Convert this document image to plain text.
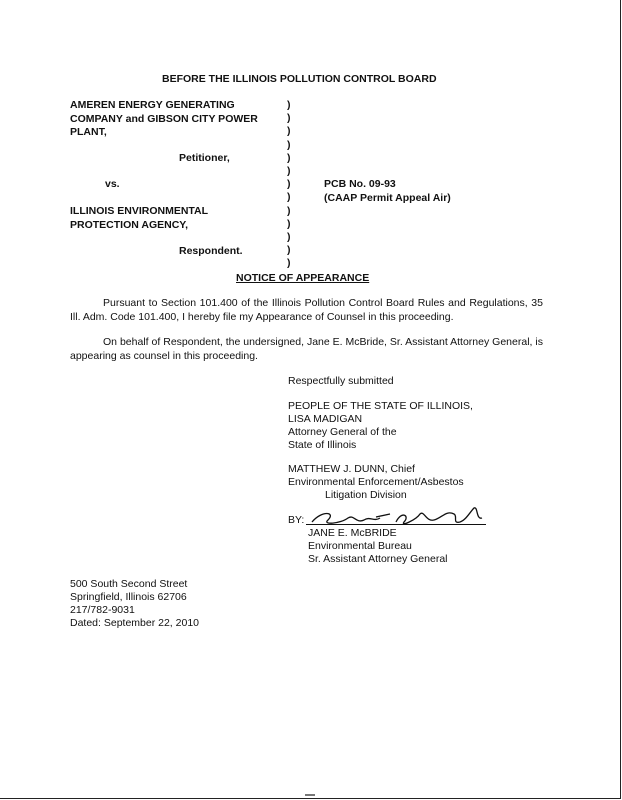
BEFORE THE ILLINOIS POLLUTION CONTROL BOARD
AMEREN ENERGY GENERATING
COMPANY and GIBSON CITY POWER
PLANT,
Petitioner,
vs.
ILLINOIS ENVIRONMENTAL
PROTECTION AGENCY,
Respondent.
)
)
)
)
)
)
)
)
)
)
)
)
)
PCB No. 09-93
(CAAP Permit Appeal Air)
NOTICE OF APPEARANCE
Pursuant to Section 101.400 of the Illinois Pollution Control Board Rules and Regulations, 35 Ill. Adm. Code 101.400, I hereby file my Appearance of Counsel in this proceeding.
On behalf of Respondent, the undersigned, Jane E. McBride, Sr. Assistant Attorney General, is appearing as counsel in this proceeding.
Respectfully submitted
PEOPLE OF THE STATE OF ILLINOIS,
LISA MADIGAN
Attorney General of the
State of Illinois
MATTHEW J. DUNN, Chief
Environmental Enforcement/Asbestos
Litigation Division
BY:
JANE E. McBRIDE
Environmental Bureau
Sr. Assistant Attorney General
500 South Second Street
Springfield, Illinois 62706
217/782-9031
Dated: September 22, 2010
